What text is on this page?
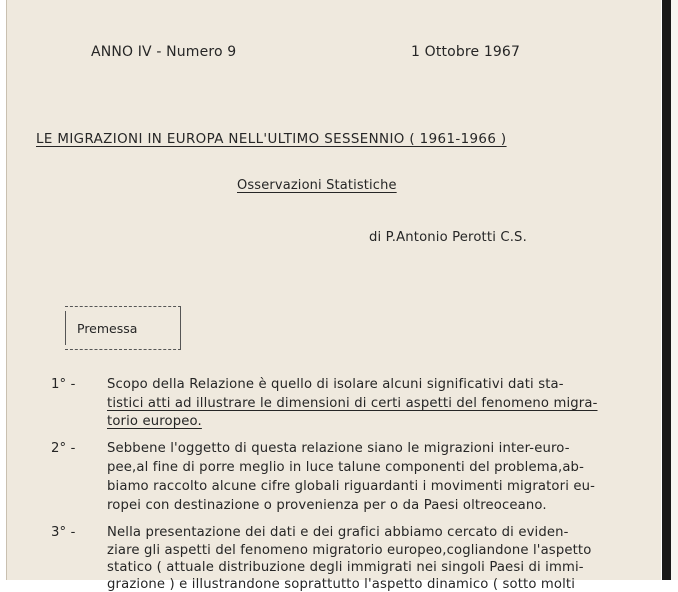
ANNO IV - Numero 9	1 Ottobre 1967
LE MIGRAZIONI IN EUROPA NELL'ULTIMO SESSENNIO ( 1961-1966 )
Osservazioni Statistiche
di P.Antonio Perotti C.S.
Premessa
1° - Scopo della Relazione è quello di isolare alcuni significativi dati sta-
tistici atti ad illustrare le dimensioni di certi aspetti del fenomeno migra-
torio europeo.
2° - Sebbene l'oggetto di questa relazione siano le migrazioni inter-euro-
pee,al fine di porre meglio in luce talune componenti del problema,ab-
biamo raccolto alcune cifre globali riguardanti i movimenti migratori eu-
ropei con destinazione o provenienza per o da Paesi oltreoceano.
3° - Nella presentazione dei dati e dei grafici abbiamo cercato di eviden-
ziare gli aspetti del fenomeno migratorio europeo,cogliandone l'aspetto
statico ( attuale distribuzione degli immigrati nei singoli Paesi di immi-
grazione ) e illustrandone soprattutto l'aspetto dinamico ( sotto molti
